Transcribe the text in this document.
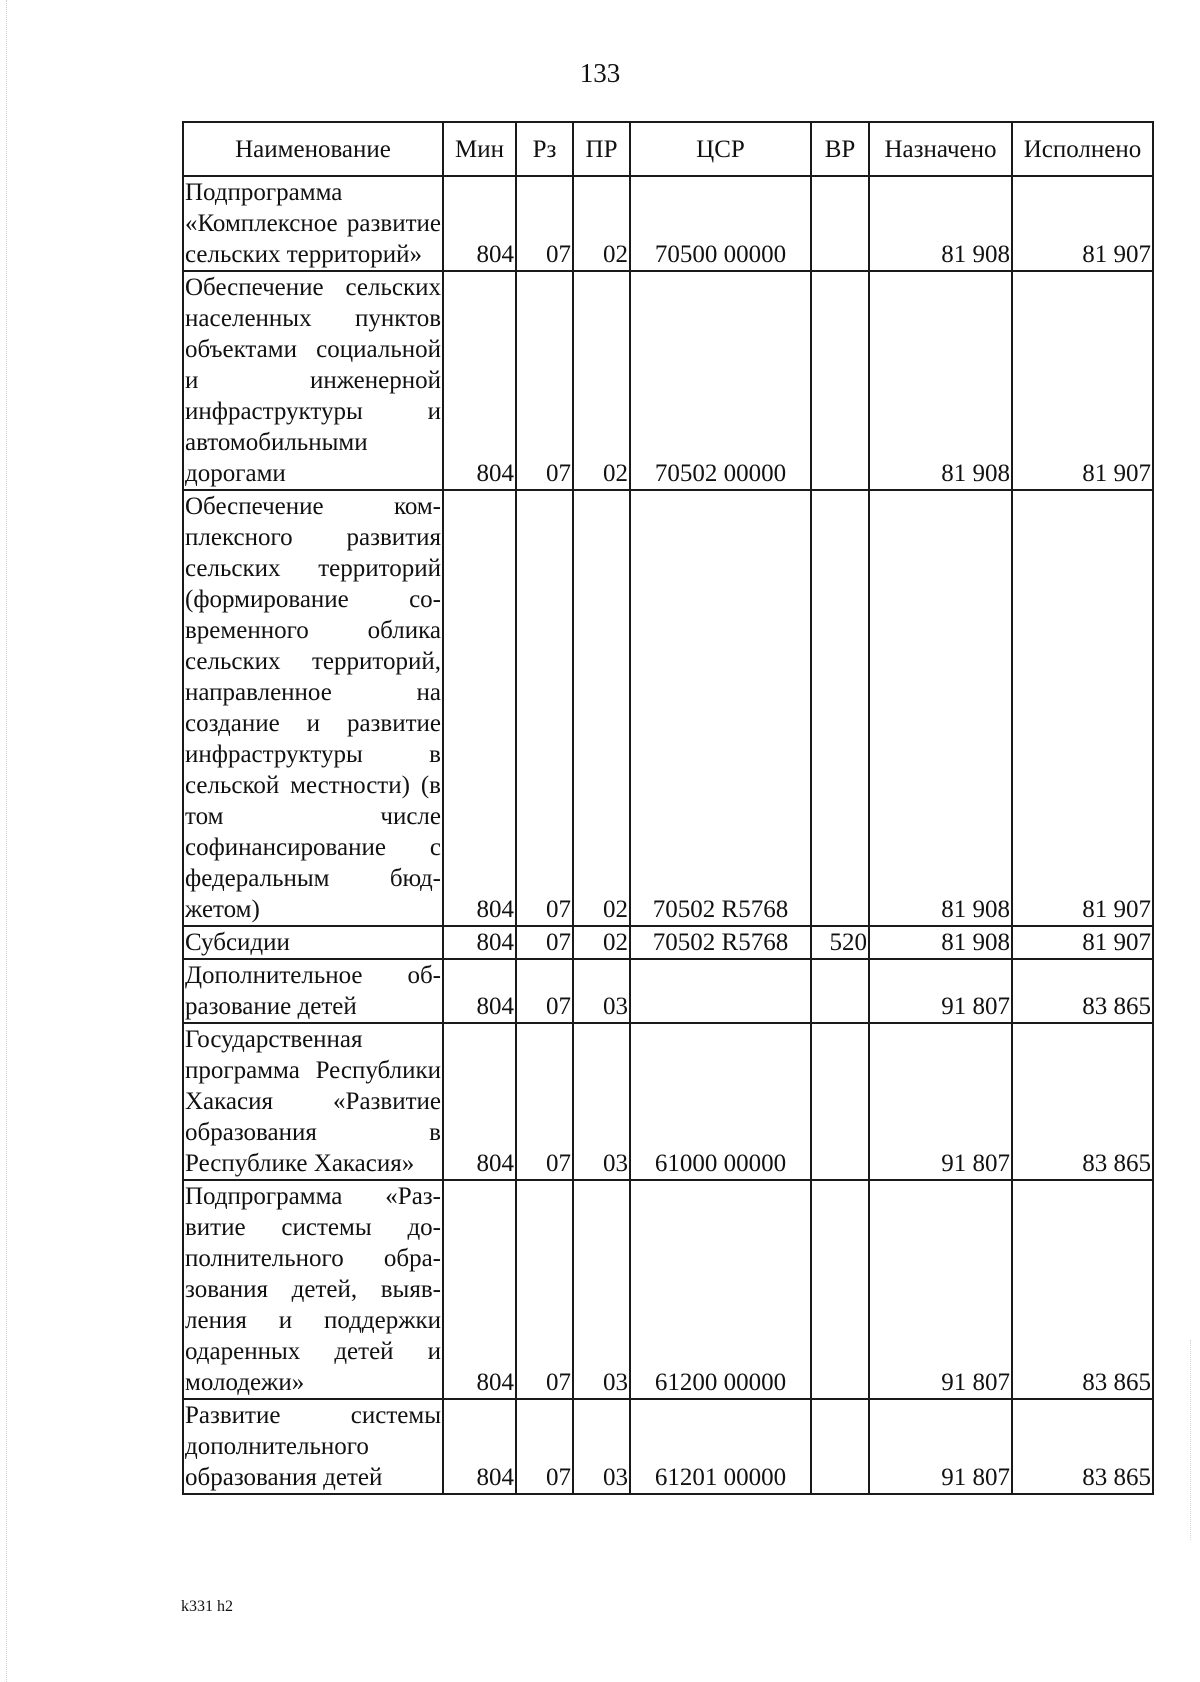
133
Наименование	Мин	Рз	ПР	ЦСР	ВР	Назначено	Исполнено
Подпрограмма «Комплексное развитие сельских территорий»	804	07	02	70500 00000		81 908	81 907
Обеспечение сельских населенных пунктов объектами социальной и инженерной инфраструктуры и автомобильными дорогами	804	07	02	70502 00000		81 908	81 907
Обеспечение комплексного развития сельских территорий (формирование современного облика сельских территорий, направленное на создание и развитие инфраструктуры в сельской местности) (в том числе софинансирование с федеральным бюджетом)	804	07	02	70502 R5768		81 908	81 907
Субсидии	804	07	02	70502 R5768	520	81 908	81 907
Дополнительное образование детей	804	07	03			91 807	83 865
Государственная программа Республики Хакасия «Развитие образования в Республике Хакасия»	804	07	03	61000 00000		91 807	83 865
Подпрограмма «Развитие системы дополнительного образования детей, выявления и поддержки одаренных детей и молодежи»	804	07	03	61200 00000		91 807	83 865
Развитие системы дополнительного образования детей	804	07	03	61201 00000		91 807	83 865
k331 h2
